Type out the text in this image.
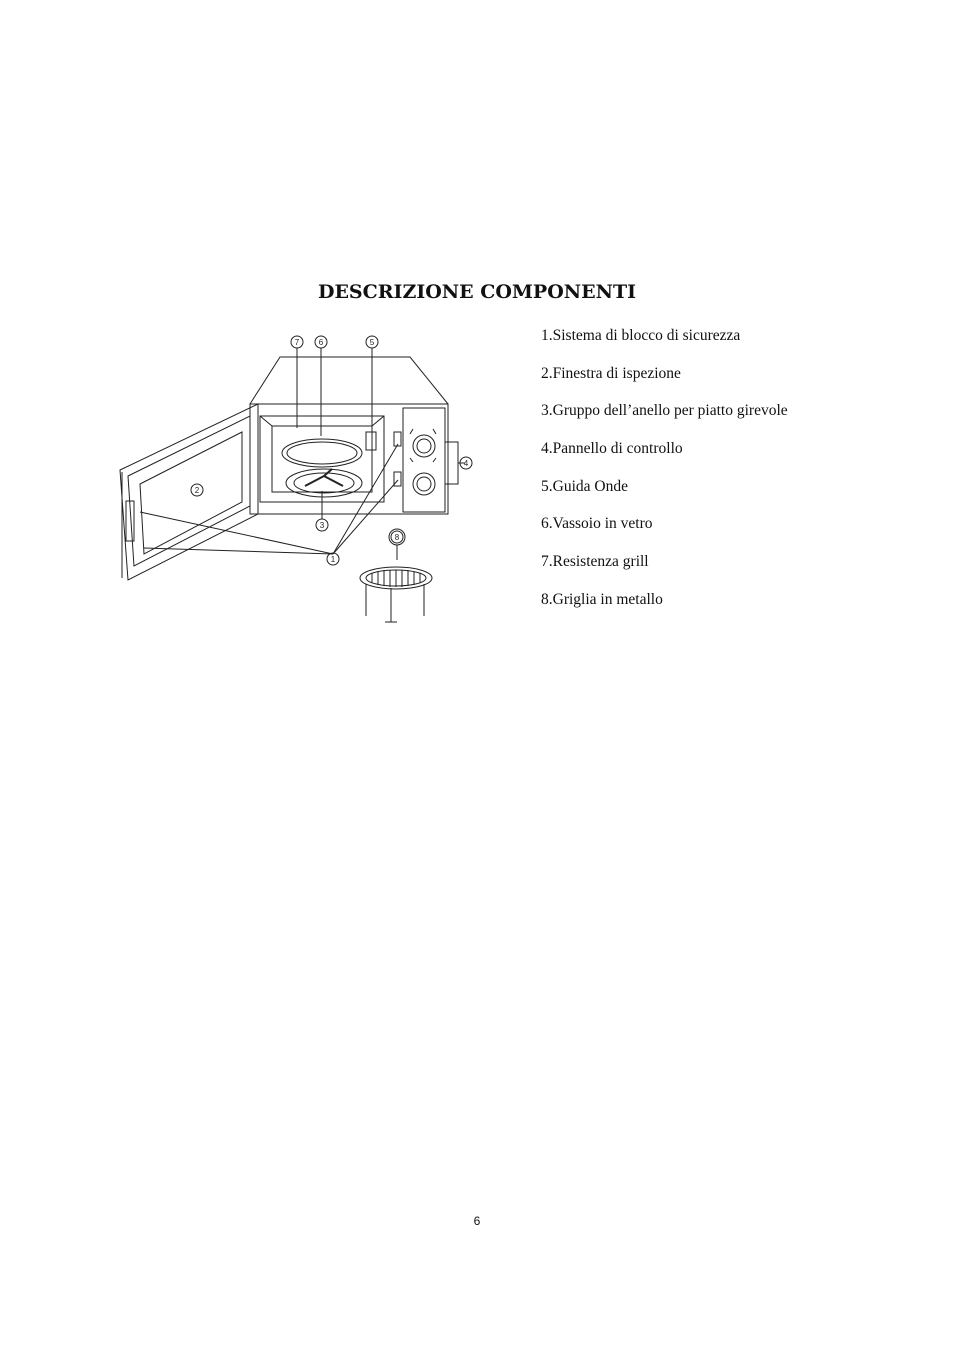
DESCRIZIONE COMPONENTI
7 6	5
2
3
1
4
8
1.Sistema di blocco di sicurezza
2.Finestra di ispezione
3.Gruppo dell’anello per piatto girevole
4.Pannello di controllo
5.Guida Onde
6.Vassoio in vetro
7.Resistenza grill
8.Griglia in metallo
6
